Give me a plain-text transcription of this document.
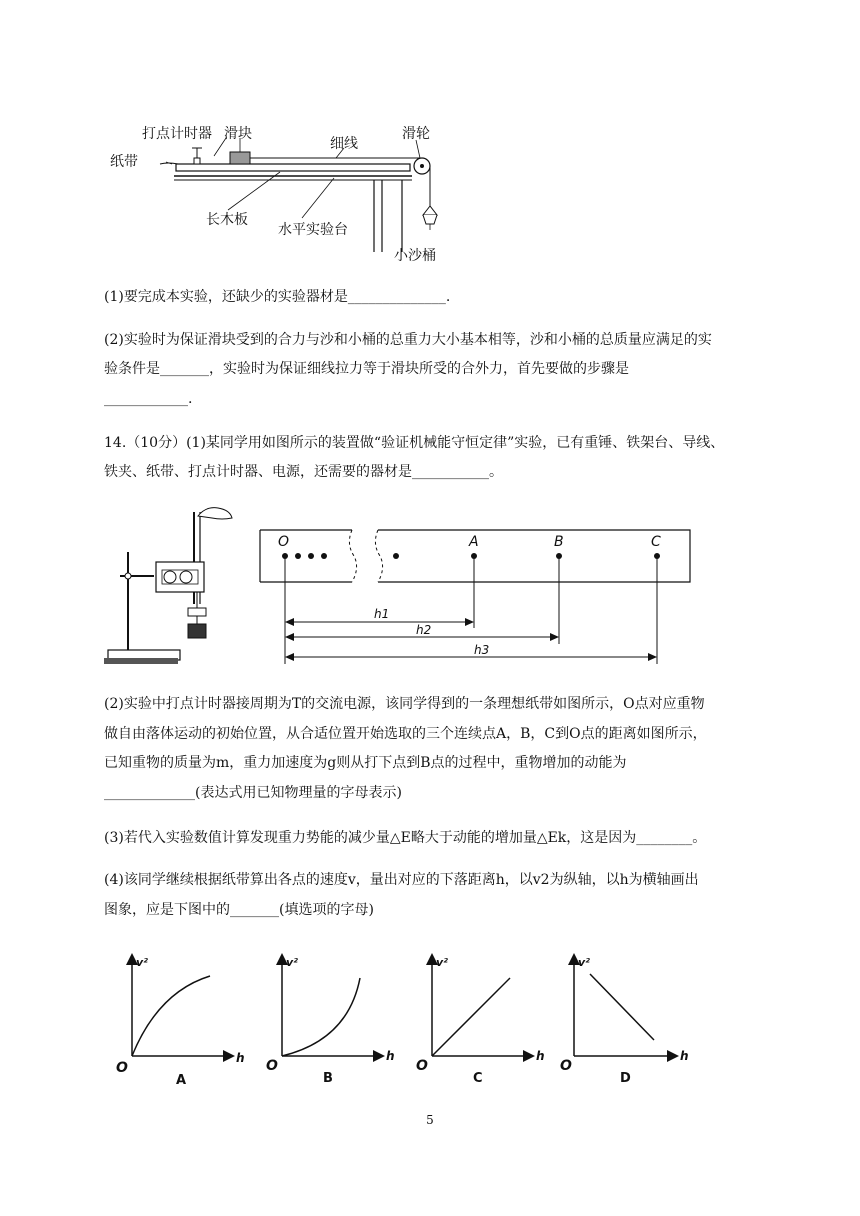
打点计时器 滑块
细线
滑轮
纸带
长木板
水平实验台
小沙桶
(1)要完成本实验，还缺少的实验器材是______________.
(2)实验时为保证滑块受到的合力与沙和小桶的总重力大小基本相等，沙和小桶的总质量应满足的实
验条件是_______，实验时为保证细线拉力等于滑块所受的合外力，首先要做的步骤是
____________.
14.（10分）(1)某同学用如图所示的装置做“验证机械能守恒定律”实验，已有重锤、铁架台、导线、
铁夹、纸带、打点计时器、电源，还需要的器材是___________。
O	A	B	C
h1
h2
h3
(2)实验中打点计时器接周期为T的交流电源，该同学得到的一条理想纸带如图所示，O点对应重物
做自由落体运动的初始位置，从合适位置开始选取的三个连续点A，B，C到O点的距离如图所示，
已知重物的质量为m，重力加速度为g则从打下点到B点的过程中，重物增加的动能为
_____________(表达式用已知物理量的字母表示)
(3)若代入实验数值计算发现重力势能的减少量△E略大于动能的增加量△Ek，这是因为________。
(4)该同学继续根据纸带算出各点的速度v，量出对应的下落距离h，以v2为纵轴，以h为横轴画出
图象，应是下图中的_______(填选项的字母)
v²
h
O
A
v²
h
O
B
v²
h
O
C
v²
h
O
D
5
